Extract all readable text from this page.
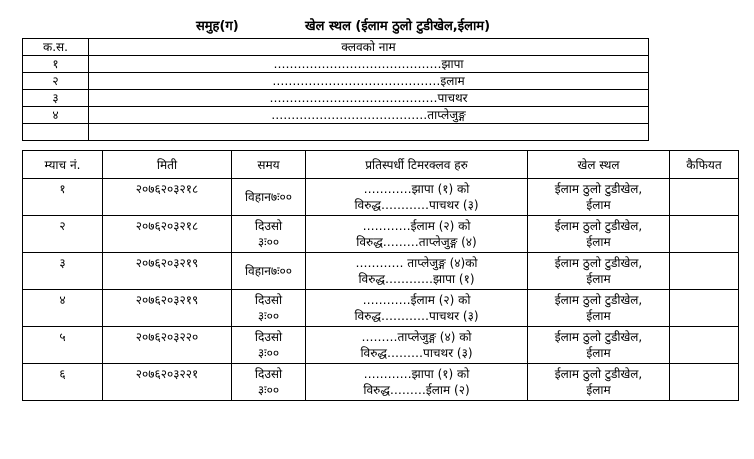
समुह(ग)	खेल स्थल (ईलाम ठुलो टुडीखेल,ईलाम)
क.स.	क्लवको नाम
१	……………………………………झापा
२	……………………………………इलाम
३	……………………………………पाचथर
४	…………………………………ताप्लेजुङ्ग

म्याच नं.	मिती	समय	प्रतिस्पर्धी टिमरक्लव हरु	खेल स्थल	कैफियत
१	२०७६२०३२१८	विहान७ः००	…………झापा (१) को
विरुद्ध…………पाचथर (३)	ईलाम ठुलो टुडीखेल,
ईलाम	

२	२०७६२०३२१८	दिउसो
३ः००	…………ईलाम (२) को
विरुद्ध………ताप्लेजुङ्ग (४)	ईलाम ठुलो टुडीखेल,
ईलाम	

३	२०७६२०३२१९	विहान७ः००	………… ताप्लेजुङ्ग (४)को
विरुद्ध…………झापा (१)	ईलाम ठुलो टुडीखेल,
ईलाम	

४	२०७६२०३२१९	दिउसो
३ः००	…………ईलाम (२) को
विरुद्ध…………पाचथर (३)	ईलाम ठुलो टुडीखेल,
ईलाम	

५	२०७६२०३२२०	दिउसो
३ः००	………ताप्लेजुङ्ग (४) को
विरुद्ध………पाचथर (३)	ईलाम ठुलो टुडीखेल,
ईलाम	

६	२०७६२०३२२१	दिउसो
३ः००	…………झापा (१) को
विरुद्ध………ईलाम (२)	ईलाम ठुलो टुडीखेल,
ईलाम	
